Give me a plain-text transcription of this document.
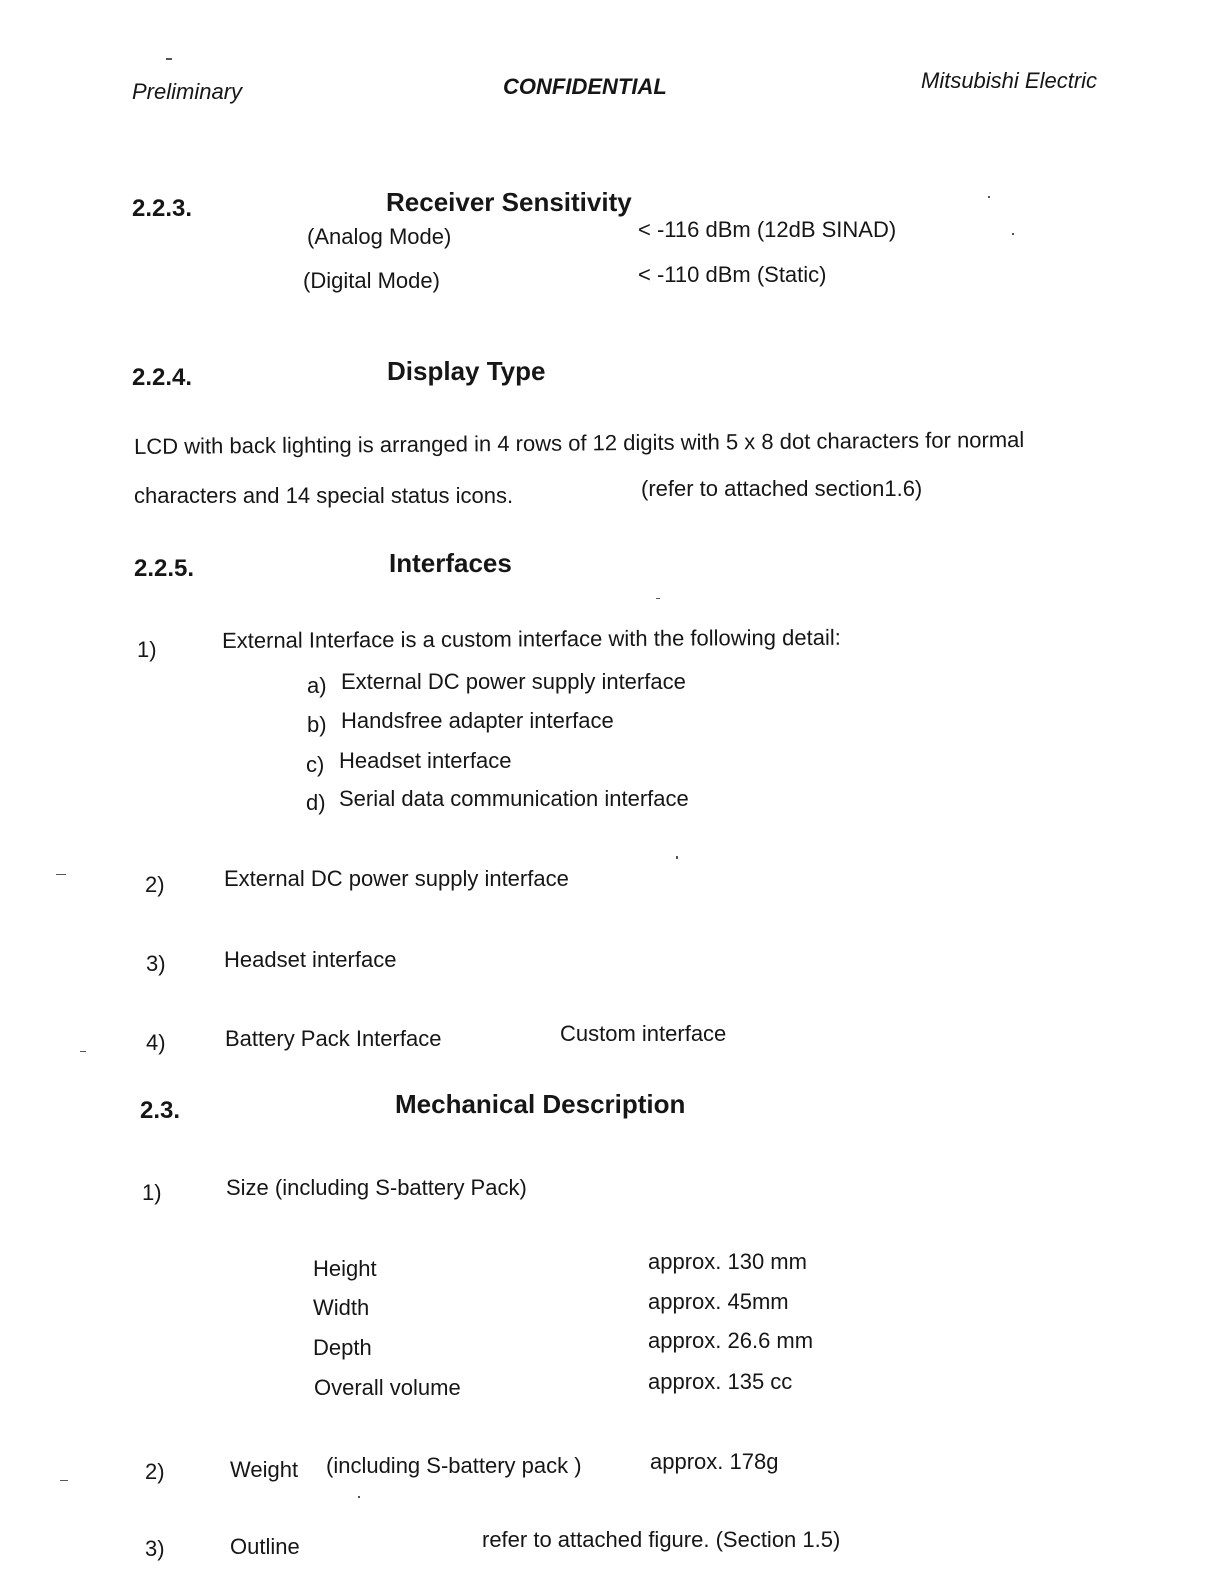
Preliminary	CONFIDENTIAL	Mitsubishi Electric
2.2.3.	Receiver Sensitivity
(Analog Mode)	< -116 dBm (12dB SINAD)
(Digital Mode)	< -110 dBm (Static)
2.2.4.	Display Type
LCD with back lighting is arranged in 4 rows of 12 digits with 5 x 8 dot characters for normal
characters and 14 special status icons.	(refer to attached section1.6)
2.2.5.	Interfaces
1)	External Interface is a custom interface with the following detail:
a) External DC power supply interface
b) Handsfree adapter interface
c) Headset interface
d) Serial data communication interface
2)	External DC power supply interface
3)	Headset interface
4)	Battery Pack Interface	Custom interface
2.3.	Mechanical Description
1)	Size (including S-battery Pack)
Height	approx. 130 mm
Width	approx. 45mm
Depth	approx. 26.6 mm
Overall volume	approx. 135 cc
2)	Weight (including S-battery pack )	approx. 178g
3)	Outline	refer to attached figure. (Section 1.5)
